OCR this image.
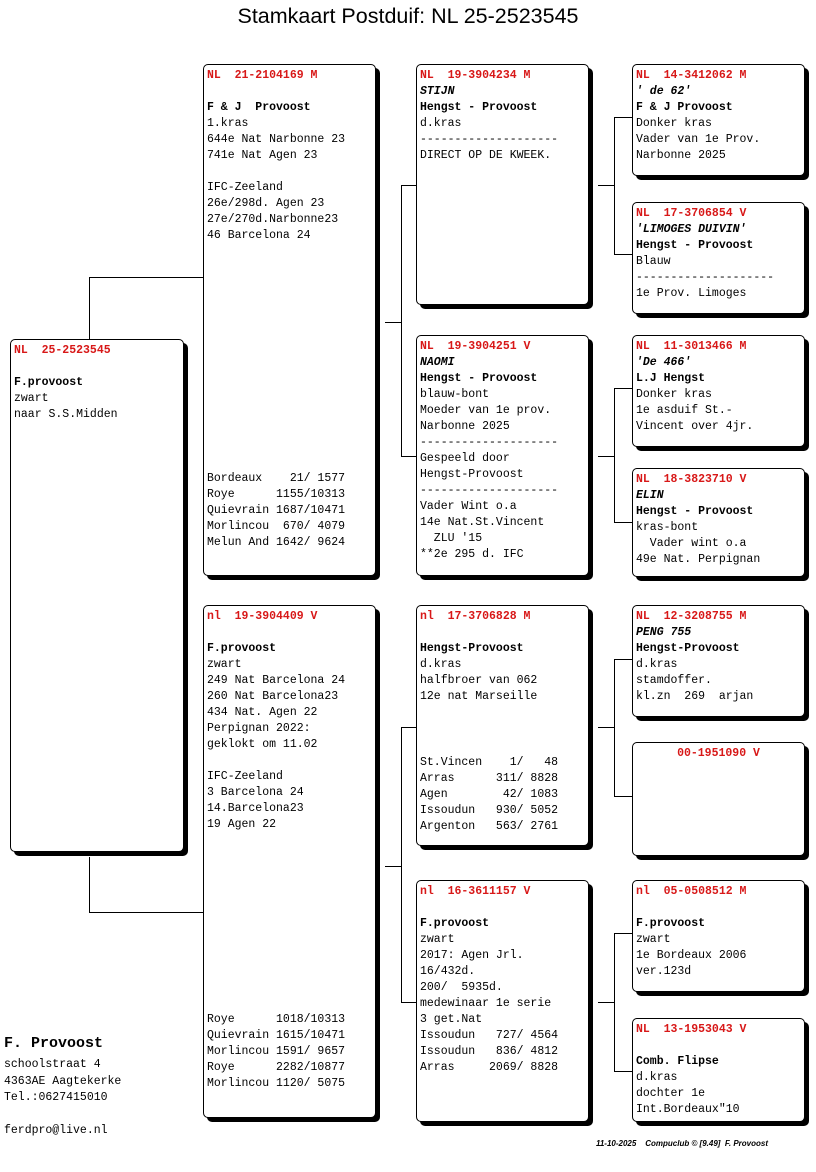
Stamkaart Postduif: NL 25-2523545
NL  25-2523545
F.provoost
zwart
naar S.S.Midden
NL  21-2104169 M
F & J  Provoost
1.kras
644e Nat Narbonne 23
741e Nat Agen 23

IFC-Zeeland
26e/298d. Agen 23
27e/270d.Narbonne23
46 Barcelona 24
Bordeaux    21/ 1577
Roye      1155/10313
Quievrain 1687/10471
Morlincou  670/ 4079
Melun And 1642/ 9624
nl  19-3904409 V
F.provoost
zwart
249 Nat Barcelona 24
260 Nat Barcelona23
434 Nat. Agen 22
Perpignan 2022:
geklokt om 11.02

IFC-Zeeland
3 Barcelona 24
14.Barcelona23
19 Agen 22
Roye      1018/10313
Quievrain 1615/10471
Morlincou 1591/ 9657
Roye      2282/10877
Morlincou 1120/ 5075
NL  19-3904234 M
STIJN
Hengst - Provoost
d.kras
--------------------
DIRECT OP DE KWEEK.
NL  19-3904251 V
NAOMI
Hengst - Provoost
blauw-bont
Moeder van 1e prov.
Narbonne 2025
--------------------
Gespeeld door
Hengst-Provoost
--------------------
Vader Wint o.a
14e Nat.St.Vincent
ZLU '15
**2e 295 d. IFC
nl  17-3706828 M
Hengst-Provoost
d.kras
halfbroer van 062
12e nat Marseille
St.Vincen    1/   48
Arras      311/ 8828
Agen        42/ 1083
Issoudun   930/ 5052
Argenton   563/ 2761
nl  16-3611157 V
F.provoost
zwart
2017: Agen Jrl.
16/432d.
200/  5935d.
medewinaar 1e serie
3 get.Nat
Issoudun   727/ 4564
Issoudun   836/ 4812
Arras     2069/ 8828
NL  14-3412062 M
' de 62'
F & J Provoost
Donker kras
Vader van 1e Prov.
Narbonne 2025
NL  17-3706854 V
'LIMOGES DUIVIN'
Hengst - Provoost
Blauw
--------------------
1e Prov. Limoges
NL  11-3013466 M
'De 466'
L.J Hengst
Donker kras
1e asduif St.-
Vincent over 4jr.
NL  18-3823710 V
ELIN
Hengst - Provoost
kras-bont
Vader wint o.a
49e Nat. Perpignan
NL  12-3208755 M
PENG 755
Hengst-Provoost
d.kras
stamdoffer.
kl.zn  269  arjan
00-1951090 V
nl  05-0508512 M
F.provoost
zwart
1e Bordeaux 2006
ver.123d
NL  13-1953043 V
Comb. Flipse
d.kras
dochter 1e
Int.Bordeaux"10
F. Provoost
schoolstraat 4
4363AE Aagtekerke
Tel.:0627415010
ferdpro@live.nl
11-10-2025    Compuclub © [9.49]  F. Provoost
